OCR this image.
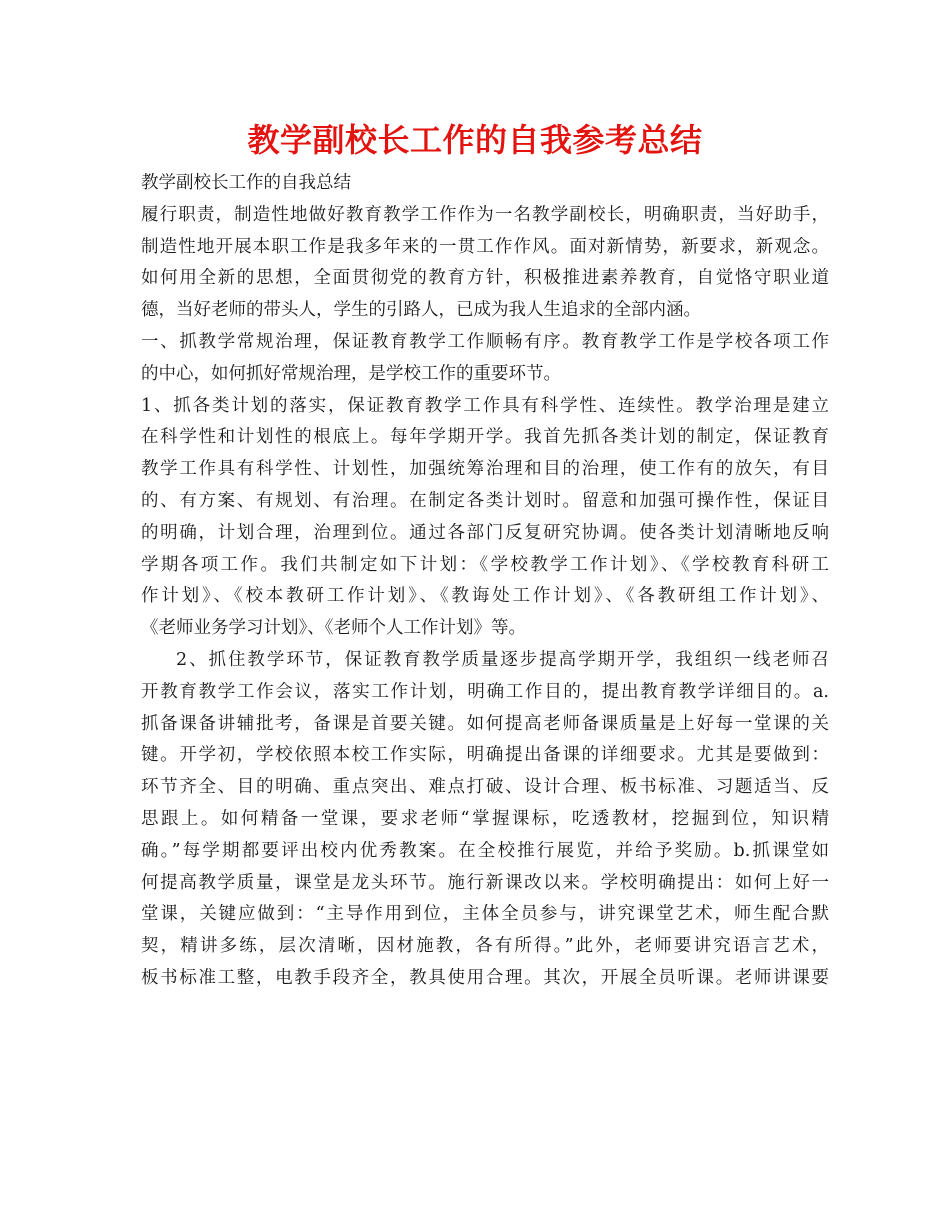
教学副校长工作的自我参考总结
教学副校长工作的自我总结
履行职责，制造性地做好教育教学工作作为一名教学副校长，明确职责，当好助手，
制造性地开展本职工作是我多年来的一贯工作作风。面对新情势，新要求，新观念。
如何用全新的思想，全面贯彻党的教育方针，积极推进素养教育，自觉恪守职业道
德，当好老师的带头人，学生的引路人，已成为我人生追求的全部内涵。
一、抓教学常规治理，保证教育教学工作顺畅有序。教育教学工作是学校各项工作
的中心，如何抓好常规治理，是学校工作的重要环节。
1、抓各类计划的落实，保证教育教学工作具有科学性、连续性。教学治理是建立
在科学性和计划性的根底上。每年学期开学。我首先抓各类计划的制定，保证教育
教学工作具有科学性、计划性，加强统筹治理和目的治理，使工作有的放矢，有目
的、有方案、有规划、有治理。在制定各类计划时。留意和加强可操作性，保证目
的明确，计划合理，治理到位。通过各部门反复研究协调。使各类计划清晰地反响
学期各项工作。我们共制定如下计划：《学校教学工作计划》、《学校教育科研工
作计划》、《校本教研工作计划》、《教诲处工作计划》、《各教研组工作计划》、
《老师业务学习计划》、《老师个人工作计划》等。
2、抓住教学环节，保证教育教学质量逐步提高学期开学，我组织一线老师召
开教育教学工作会议，落实工作计划，明确工作目的，提出教育教学详细目的。a.
抓备课备讲辅批考，备课是首要关键。如何提高老师备课质量是上好每一堂课的关
键。开学初，学校依照本校工作实际，明确提出备课的详细要求。尤其是要做到：
环节齐全、目的明确、重点突出、难点打破、设计合理、板书标准、习题适当、反
思跟上。如何精备一堂课，要求老师“掌握课标，吃透教材，挖掘到位，知识精
确。”每学期都要评出校内优秀教案。在全校推行展览，并给予奖励。b.抓课堂如
何提高教学质量，课堂是龙头环节。施行新课改以来。学校明确提出：如何上好一
堂课，关键应做到：“主导作用到位，主体全员参与，讲究课堂艺术，师生配合默
契，精讲多练，层次清晰，因材施教，各有所得。”此外，老师要讲究语言艺术，
板书标准工整，电教手段齐全，教具使用合理。其次，开展全员听课。老师讲课要
